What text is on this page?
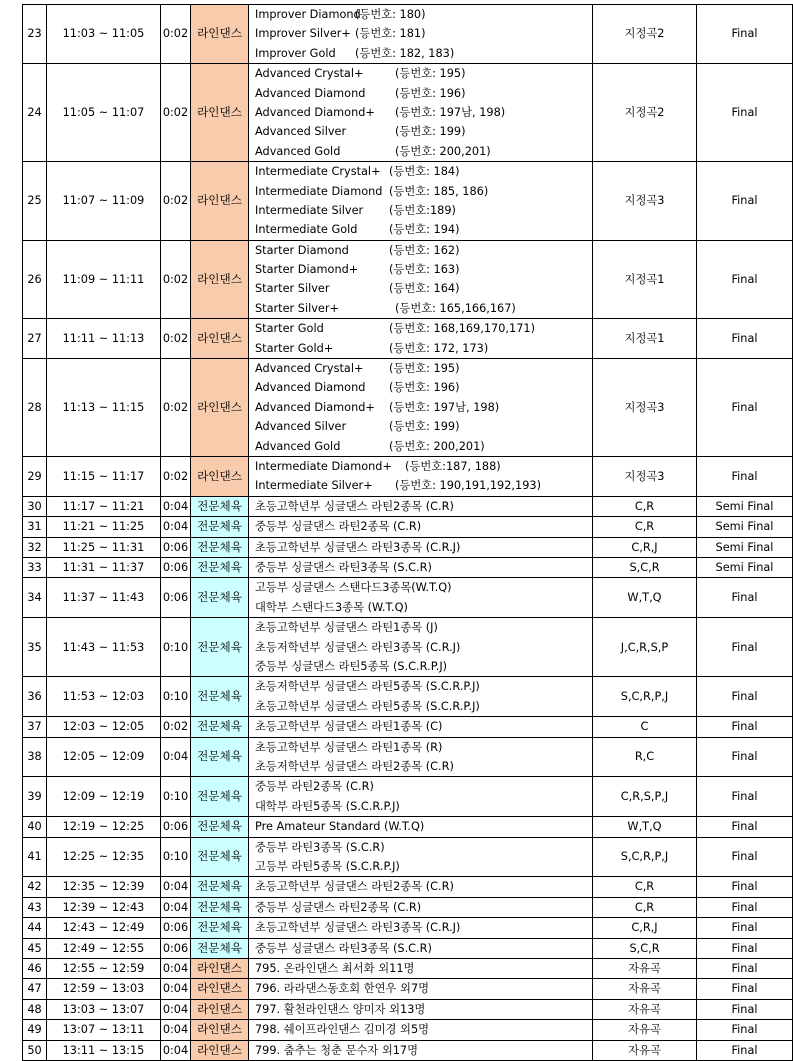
23	11:03 ~ 11:05	0:02	라인댄스	Improver Diamond(등번호: 180)
Improver Silver+ (등번호: 181)
Improver Gold (등번호: 182, 183)	지정곡2	Final
24	11:05 ~ 11:07	0:02	라인댄스	Advanced Crystal+ (등번호: 195)
Advanced Diamond (등번호: 196)
Advanced Diamond+ (등번호: 197남, 198)
Advanced Silver (등번호: 199)
Advanced Gold (등번호: 200,201)	지정곡2	Final
25	11:07 ~ 11:09	0:02	라인댄스	Intermediate Crystal+ (등번호: 184)
Intermediate Diamond (등번호: 185, 186)
Intermediate Silver (등번호:189)
Intermediate Gold (등번호: 194)	지정곡3	Final
26	11:09 ~ 11:11	0:02	라인댄스	Starter Diamond (등번호: 162)
Starter Diamond+ (등번호: 163)
Starter Silver (등번호: 164)
Starter Silver+ (등번호: 165,166,167)	지정곡1	Final
27	11:11 ~ 11:13	0:02	라인댄스	Starter Gold (등번호: 168,169,170,171)
Starter Gold+ (등번호: 172, 173)	지정곡1	Final
28	11:13 ~ 11:15	0:02	라인댄스	Advanced Crystal+ (등번호: 195)
Advanced Diamond (등번호: 196)
Advanced Diamond+ (등번호: 197남, 198)
Advanced Silver (등번호: 199)
Advanced Gold (등번호: 200,201)	지정곡3	Final
29	11:15 ~ 11:17	0:02	라인댄스	Intermediate Diamond+ (등번호:187, 188)
Intermediate Silver+ (등번호: 190,191,192,193)	지정곡3	Final
30	11:17 ~ 11:21	0:04	전문체육	초등고학년부 싱글댄스 라틴2종목 (C.R)	C,R	Semi Final
31	11:21 ~ 11:25	0:04	전문체육	중등부 싱글댄스 라틴2종목 (C.R)	C,R	Semi Final
32	11:25 ~ 11:31	0:06	전문체육	초등고학년부 싱글댄스 라틴3종목 (C.R.J)	C,R,J	Semi Final
33	11:31 ~ 11:37	0:06	전문체육	중등부 싱글댄스 라틴3종목 (S.C.R)	S,C,R	Semi Final
34	11:37 ~ 11:43	0:06	전문체육	고등부 싱글댄스 스탠다드3종목(W.T.Q)
대학부 스탠다드3종목 (W.T.Q)	W,T,Q	Final
35	11:43 ~ 11:53	0:10	전문체육	초등고학년부 싱글댄스 라틴1종목 (J)
초등저학년부 싱글댄스 라틴3종목 (C.R.J)
중등부 싱글댄스 라틴5종목 (S.C.R.P.J)	J,C,R,S,P	Final
36	11:53 ~ 12:03	0:10	전문체육	초등저학년부 싱글댄스 라틴5종목 (S.C.R.P.J)
초등고학년부 싱글댄스 라틴5종목 (S.C.R.P.J)	S,C,R,P,J	Final
37	12:03 ~ 12:05	0:02	전문체육	초등고학년부 싱글댄스 라틴1종목 (C)	C	Final
38	12:05 ~ 12:09	0:04	전문체육	초등고학년부 싱글댄스 라틴1종목 (R)
초등저학년부 싱글댄스 라틴2종목 (C.R)	R,C	Final
39	12:09 ~ 12:19	0:10	전문체육	중등부 라틴2종목 (C.R)
대학부 라틴5종목 (S.C.R.P.J)	C,R,S,P,J	Final
40	12:19 ~ 12:25	0:06	전문체육	Pre Amateur Standard (W.T.Q)	W,T,Q	Final
41	12:25 ~ 12:35	0:10	전문체육	중등부 라틴3종목 (S.C.R)
고등부 라틴5종목 (S.C.R.P.J)	S,C,R,P,J	Final
42	12:35 ~ 12:39	0:04	전문체육	초등고학년부 싱글댄스 라틴2종목 (C.R)	C,R	Final
43	12:39 ~ 12:43	0:04	전문체육	중등부 싱글댄스 라틴2종목 (C.R)	C,R	Final
44	12:43 ~ 12:49	0:06	전문체육	초등고학년부 싱글댄스 라틴3종목 (C.R.J)	C,R,J	Final
45	12:49 ~ 12:55	0:06	전문체육	중등부 싱글댄스 라틴3종목 (S.C.R)	S,C,R	Final
46	12:55 ~ 12:59	0:04	라인댄스	795. 온라인댄스 최서화 외11명	자유곡	Final
47	12:59 ~ 13:03	0:04	라인댄스	796. 라라댄스동호회 한연우 외7명	자유곡	Final
48	13:03 ~ 13:07	0:04	라인댄스	797. 활천라인댄스 양미자 외13명	자유곡	Final
49	13:07 ~ 13:11	0:04	라인댄스	798. 쉐이프라인댄스 김미경 외5명	자유곡	Final
50	13:11 ~ 13:15	0:04	라인댄스	799. 춤추는 청춘 문수자 외17명	자유곡	Final
